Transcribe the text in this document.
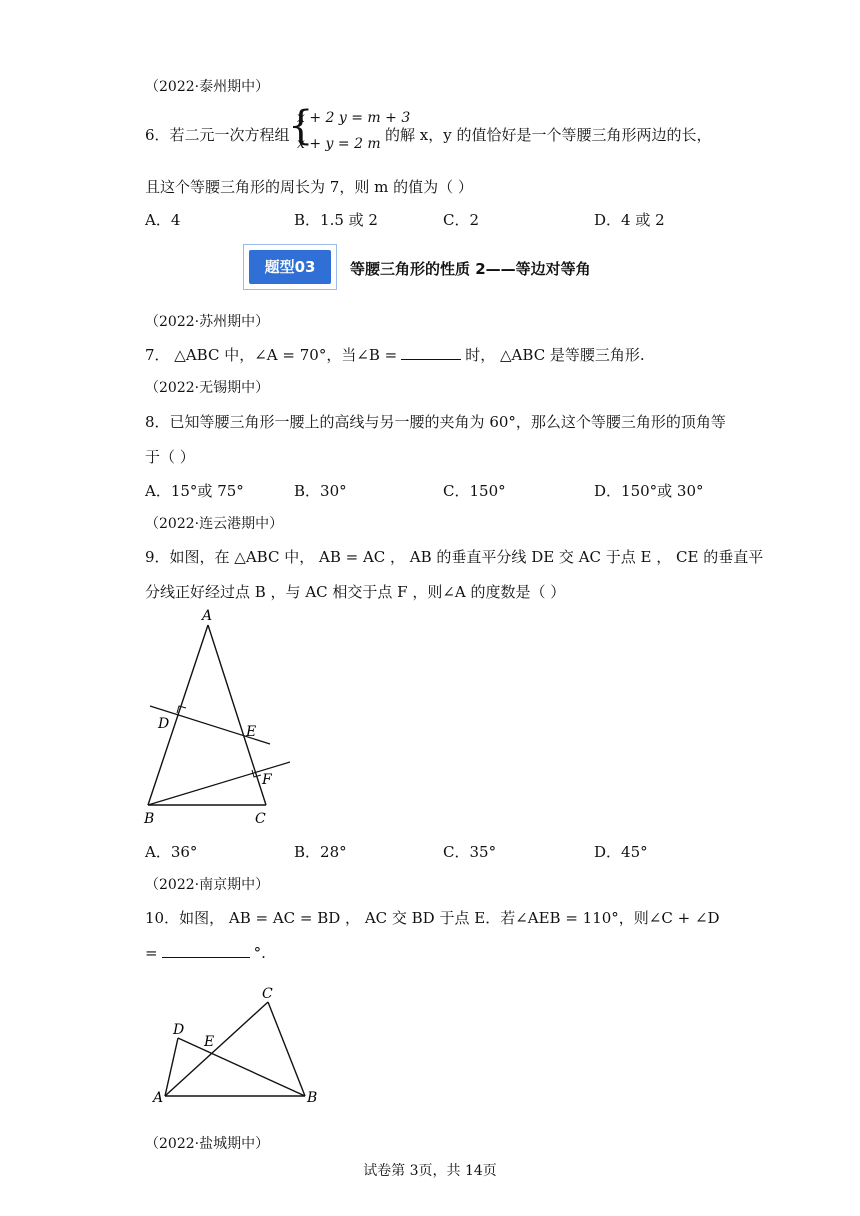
（2022·泰州期中）
6．若二元一次方程组
{
x + 2 y = m + 3
x + y = 2 m 的解 x，y 的值恰好是一个等腰三角形两边的长，
且这个等腰三角形的周长为 7，则 m 的值为（ ）
A．4	B．1.5 或 2	C．2	D．4 或 2
题型03	等腰三角形的性质 2——等边对等角
（2022·苏州期中）
7． △ABC 中，∠A = 70°，当∠B =	时， △ABC 是等腰三角形.
（2022·无锡期中）
8．已知等腰三角形一腰上的高线与另一腰的夹角为 60°，那么这个等腰三角形的顶角等
于（ ）
A．15°或 75°	B．30°	C．150°	D．150°或 30°
（2022·连云港期中）
9．如图，在 △ABC 中， AB = AC ， AB 的垂直平分线 DE 交 AC 于点 E ， CE 的垂直平
分线正好经过点 B ，与 AC 相交于点 F ，则∠A 的度数是（ ）
A
D	E
F
B	C
A．36°	B．28°	C．35°	D．45°
（2022·南京期中）
10．如图， AB = AC = BD ， AC 交 BD 于点 E．若∠AEB = 110°，则∠C + ∠D
=	°.
C
D
E
A	B
（2022·盐城期中）
试卷第 3页，共 14页
